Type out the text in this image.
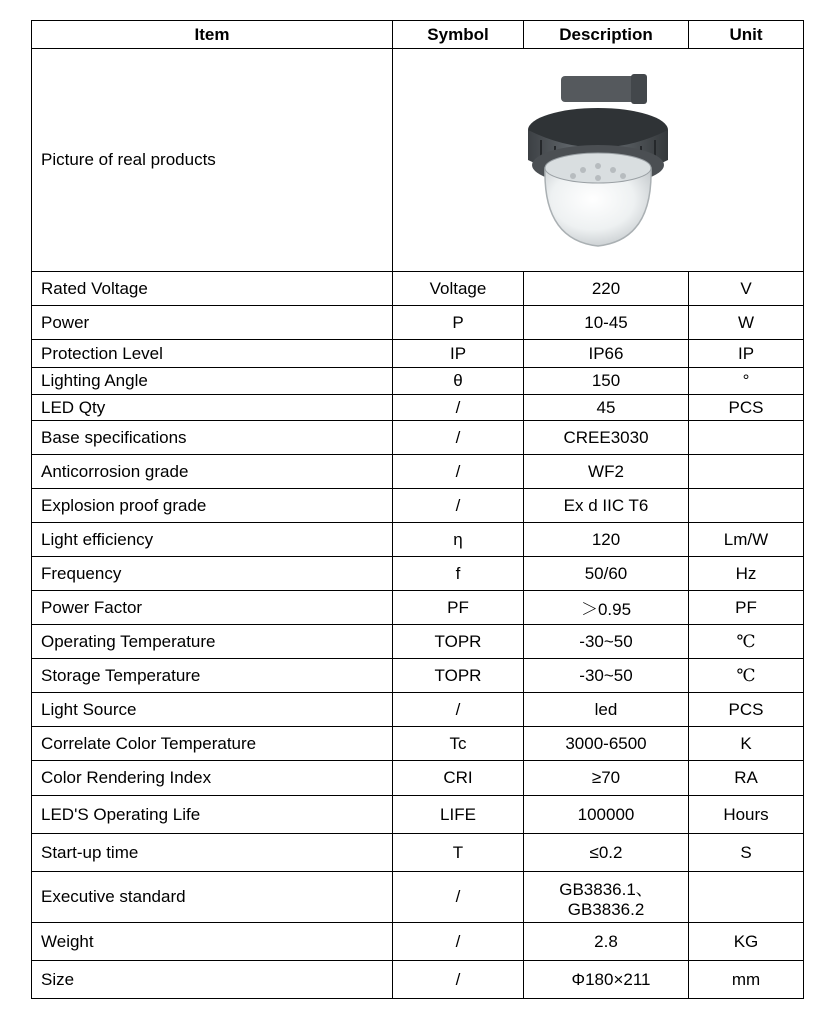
Item	Symbol	Description	Unit
Picture of real products	

Rated Voltage	Voltage	220	V
Power	P	10-45	W
Protection Level	IP	IP66	IP
Lighting Angle	θ	150	°
LED Qty	/	45	PCS
Base specifications	/	CREE3030	
Anticorrosion grade	/	WF2	
Explosion proof grade	/	Ex d IIC T6	
Light efficiency	η	120	Lm/W
Frequency	f	50/60	Hz
Power Factor	PF	＞0.95	PF
Operating Temperature	TOPR	-30~50	℃
Storage Temperature	TOPR	-30~50	℃
Light Source	/	led	PCS
Correlate Color Temperature	Tc	3000-6500	K
Color Rendering Index	CRI	≥70	RA
LED'S Operating Life	LIFE	100000	Hours
Start-up time	T	≤0.2	S
Executive standard	/	GB3836.1、
GB3836.2	

Weight	/	2.8	KG
Size	/	Φ180×211	mm
